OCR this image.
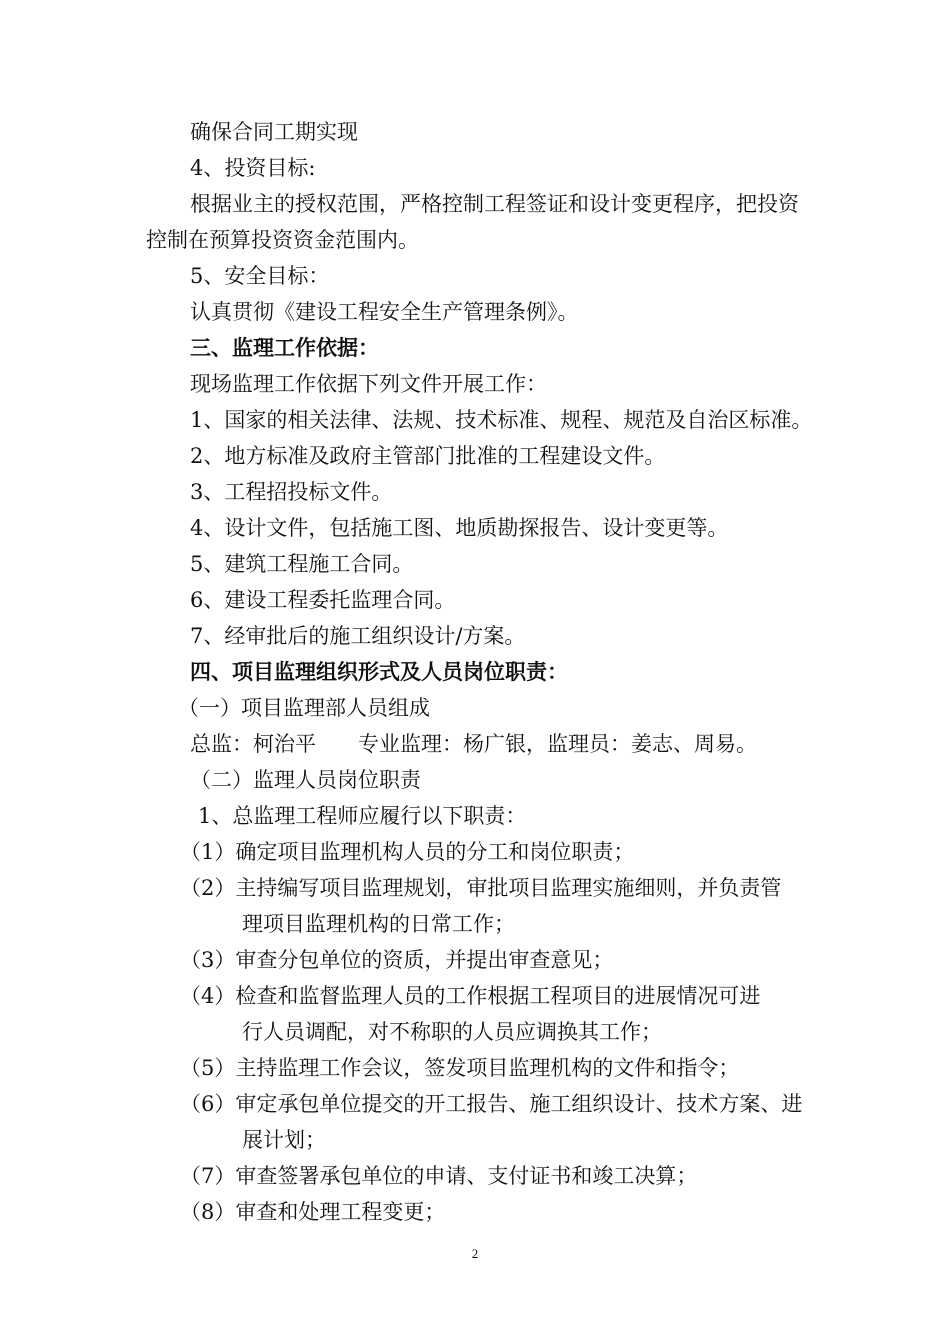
确保合同工期实现

4、投资目标:

根据业主的授权范围，严格控制工程签证和设计变更程序，把投资

控制在预算投资资金范围内。

5、安全目标：

认真贯彻《建设工程安全生产管理条例》。

三、监理工作依据：

现场监理工作依据下列文件开展工作：

1、国家的相关法律、法规、技术标准、规程、规范及自治区标准。

2、地方标准及政府主管部门批准的工程建设文件。

3、工程招投标文件。

4、设计文件，包括施工图、地质勘探报告、设计变更等。

5、建筑工程施工合同。

6、建设工程委托监理合同。

7、经审批后的施工组织设计/方案。

四、项目监理组织形式及人员岗位职责：

（一）项目监理部人员组成

总监：柯治平　　专业监理：杨广银，监理员：姜志、周易。

（二）监理人员岗位职责

1、总监理工程师应履行以下职责：

（1）确定项目监理机构人员的分工和岗位职责；

（2）主持编写项目监理规划，审批项目监理实施细则，并负责管

理项目监理机构的日常工作；

（3）审查分包单位的资质，并提出审查意见；

（4）检查和监督监理人员的工作根据工程项目的进展情况可进

行人员调配，对不称职的人员应调换其工作；

（5）主持监理工作会议，签发项目监理机构的文件和指令；

（6）审定承包单位提交的开工报告、施工组织设计、技术方案、进

展计划；

（7）审查签署承包单位的申请、支付证书和竣工决算；

（8）审查和处理工程变更；

2
